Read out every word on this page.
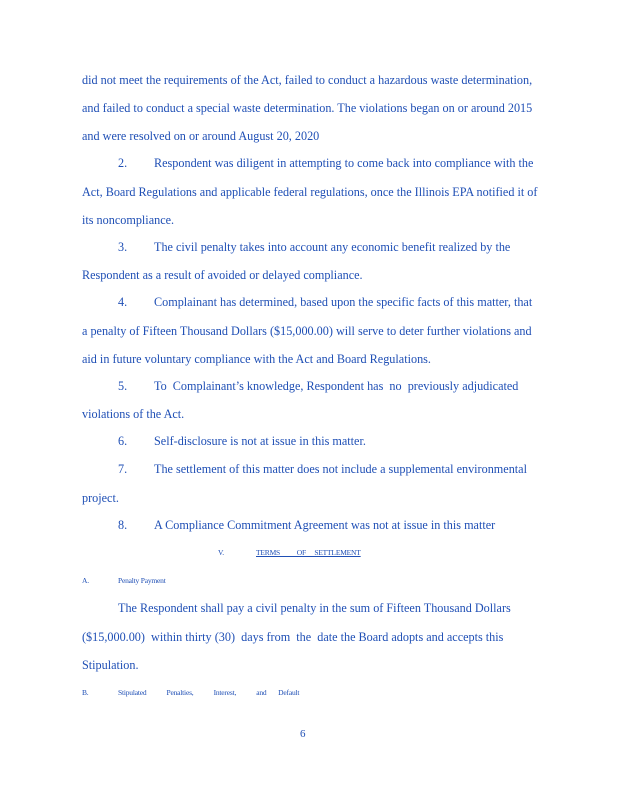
did not meet the requirements of the Act, failed to conduct a hazardous waste determination,
and failed to conduct a special waste determination. The violations began on or around 2015
and were resolved on or around August 20, 2020
2. Respondent was diligent in attempting to come back into compliance with the
Act, Board Regulations and applicable federal regulations, once the Illinois EPA notified it of
its noncompliance.
3. The civil penalty takes into account any economic benefit realized by the
Respondent as a result of avoided or delayed compliance.
4. Complainant has determined, based upon the specific facts of this matter, that
a penalty of Fifteen Thousand Dollars ($15,000.00) will serve to deter further violations and
aid in future voluntary compliance with the Act and Board Regulations.
5. To  Complainant’s knowledge, Respondent has  no  previously adjudicated
violations of the Act.
6. Self-disclosure is not at issue in this matter.
7. The settlement of this matter does not include a supplemental environmental
project.
8. A Compliance Commitment Agreement was not at issue in this matter
V.	TERMS          OF     SETTLEMENT
A.	Penalty Payment
The Respondent shall pay a civil penalty in the sum of Fifteen Thousand Dollars
($15,000.00)  within thirty (30)  days from  the  date the Board adopts and accepts this
Stipulation.
B.	Stipulated            Penalties,            Interest,            and       Default
6
